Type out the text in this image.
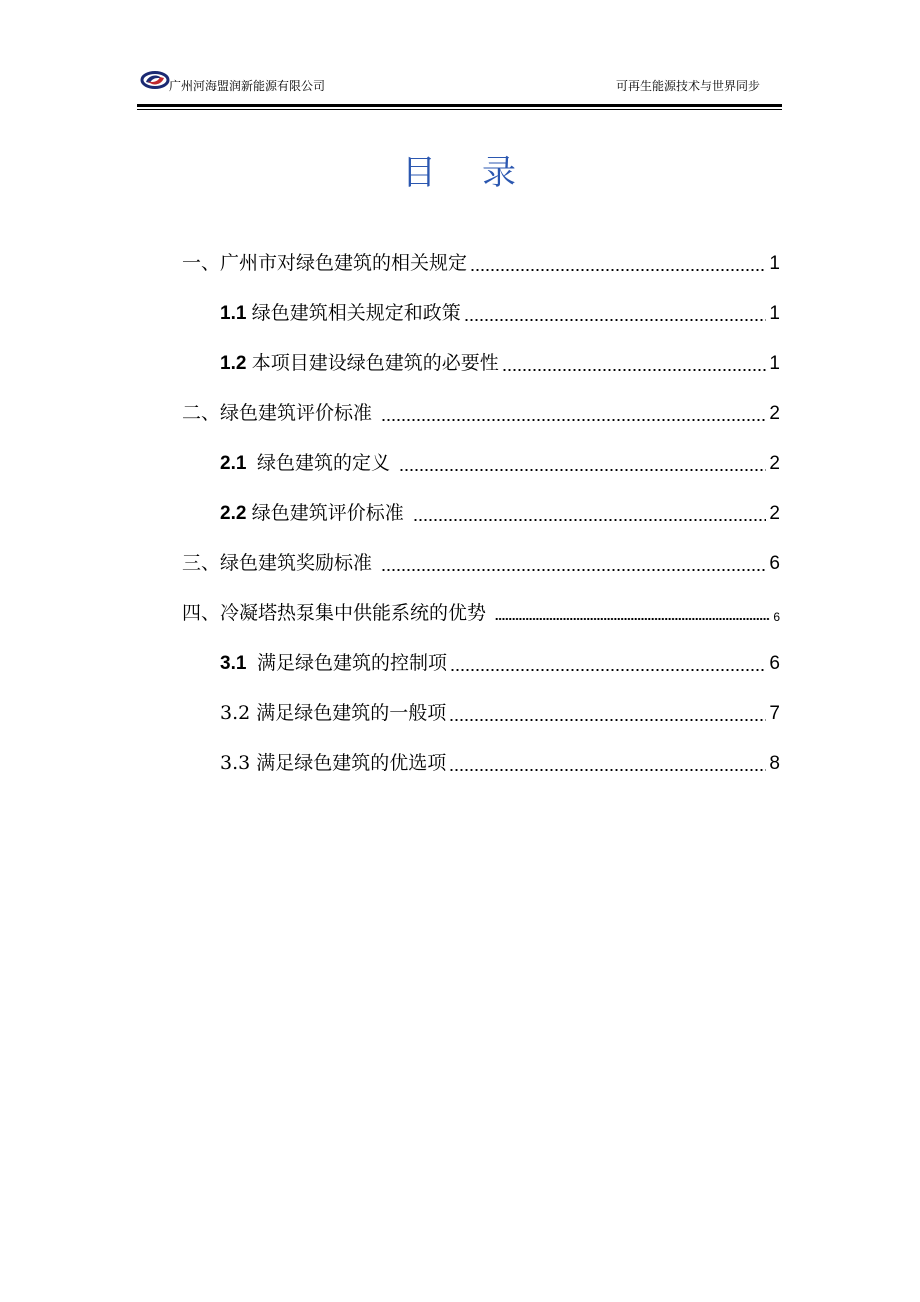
广州河海盟润新能源有限公司	可再生能源技术与世界同步
目 录
一、广州市对绿色建筑的相关规定	1
1.1 绿色建筑相关规定和政策	1
1.2 本项目建设绿色建筑的必要性	1
二、绿色建筑评价标准	2
2.1  绿色建筑的定义	2
2.2 绿色建筑评价标准	2
三、绿色建筑奖励标准	6
四、冷凝塔热泵集中供能系统的优势	6
3.1  满足绿色建筑的控制项	6
3.2 满足绿色建筑的一般项	7
3.3 满足绿色建筑的优选项	8
